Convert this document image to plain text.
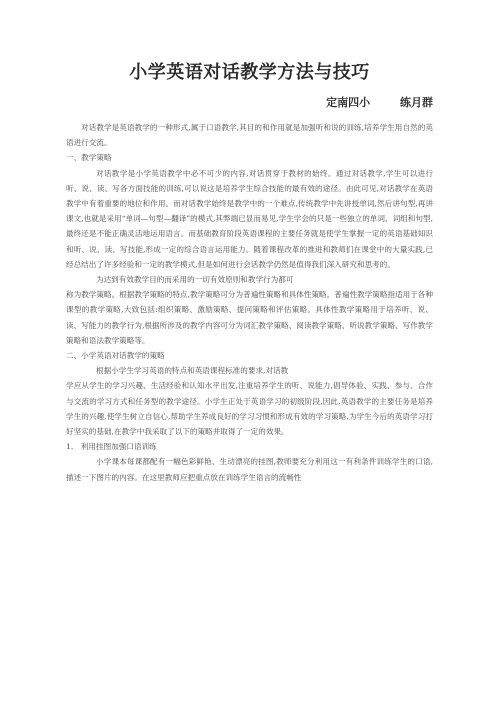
小学英语对话教学方法与技巧
定南四小	练月群

对话教学是英语教学的一种形式,属于口语教学,其目的和作用就是加强听和说的训练,培养学生用自然的英语进行交流。

一、教学策略

对话教学是小学英语教学中必不可少的内容,对话贯穿于教材的始终。通过对话教学,学生可以进行听、说、读、写各方面技能的训练,可以说这是培养学生综合技能的最有效的途径。由此可见,对话教学在英语教学中有着重要的地位和作用。而对话教学始终是教学中的一个难点,传统教学中先讲授单词,然后讲句型,再讲课文,也就是采用“单词—句型—翻译”的模式,其弊端已显而易见,学生学会的只是一些独立的单词、词组和句型,最终还是不能正确灵活地运用语言。而基础教育阶段英语课程的主要任务就是使学生掌握一定的英语基础知识和听、说、读、写技能,形成一定的综合语言运用能力。随着课程改革的推进和教师们在课堂中的大量实践,已经总结出了许多经验和一定的教学模式,但是如何进行会话教学仍然是值得我们深入研究和思考的。

为达到有效教学目的而采用的一切有效原则和教学行为都可

称为教学策略。根据教学策略的特点,教学策略可分为普遍性策略和具体性策略。普遍性教学策略指适用于各种课型的教学策略,大致包括:组织策略、激励策略、提问策略和评估策略。具体性教学策略用于培养听、说、读、写能力的教学行为,根据所涉及的教学内容可分为词汇教学策略、阅读教学策略、听说教学策略、写作教学策略和语法教学策略等。

二、小学英语对话教学的策略

根据小学生学习英语的特点和英语课程标准的要求,对话教

学应从学生的学习兴趣、生活经验和认知水平出发,注重培养学生的听、说能力,倡导体验、实践、参与、合作与交流的学习方式和任务型的教学途径。小学生正处于英语学习的初级阶段,因此,英语教学的主要任务是培养学生的兴趣,使学生树立自信心,帮助学生养成良好的学习习惯和形成有效的学习策略,为学生今后的英语学习打好坚实的基础,在教学中我采取了以下的策略并取得了一定的效果。

1.　利用挂图加强口语训练

小学课本每课都配有一幅色彩鲜艳、生动漂亮的挂图,教师要充分利用这一有利条件训练学生的口语,描述一下图片的内容。在这里教师应把重点放在训练学生语言的流畅性
